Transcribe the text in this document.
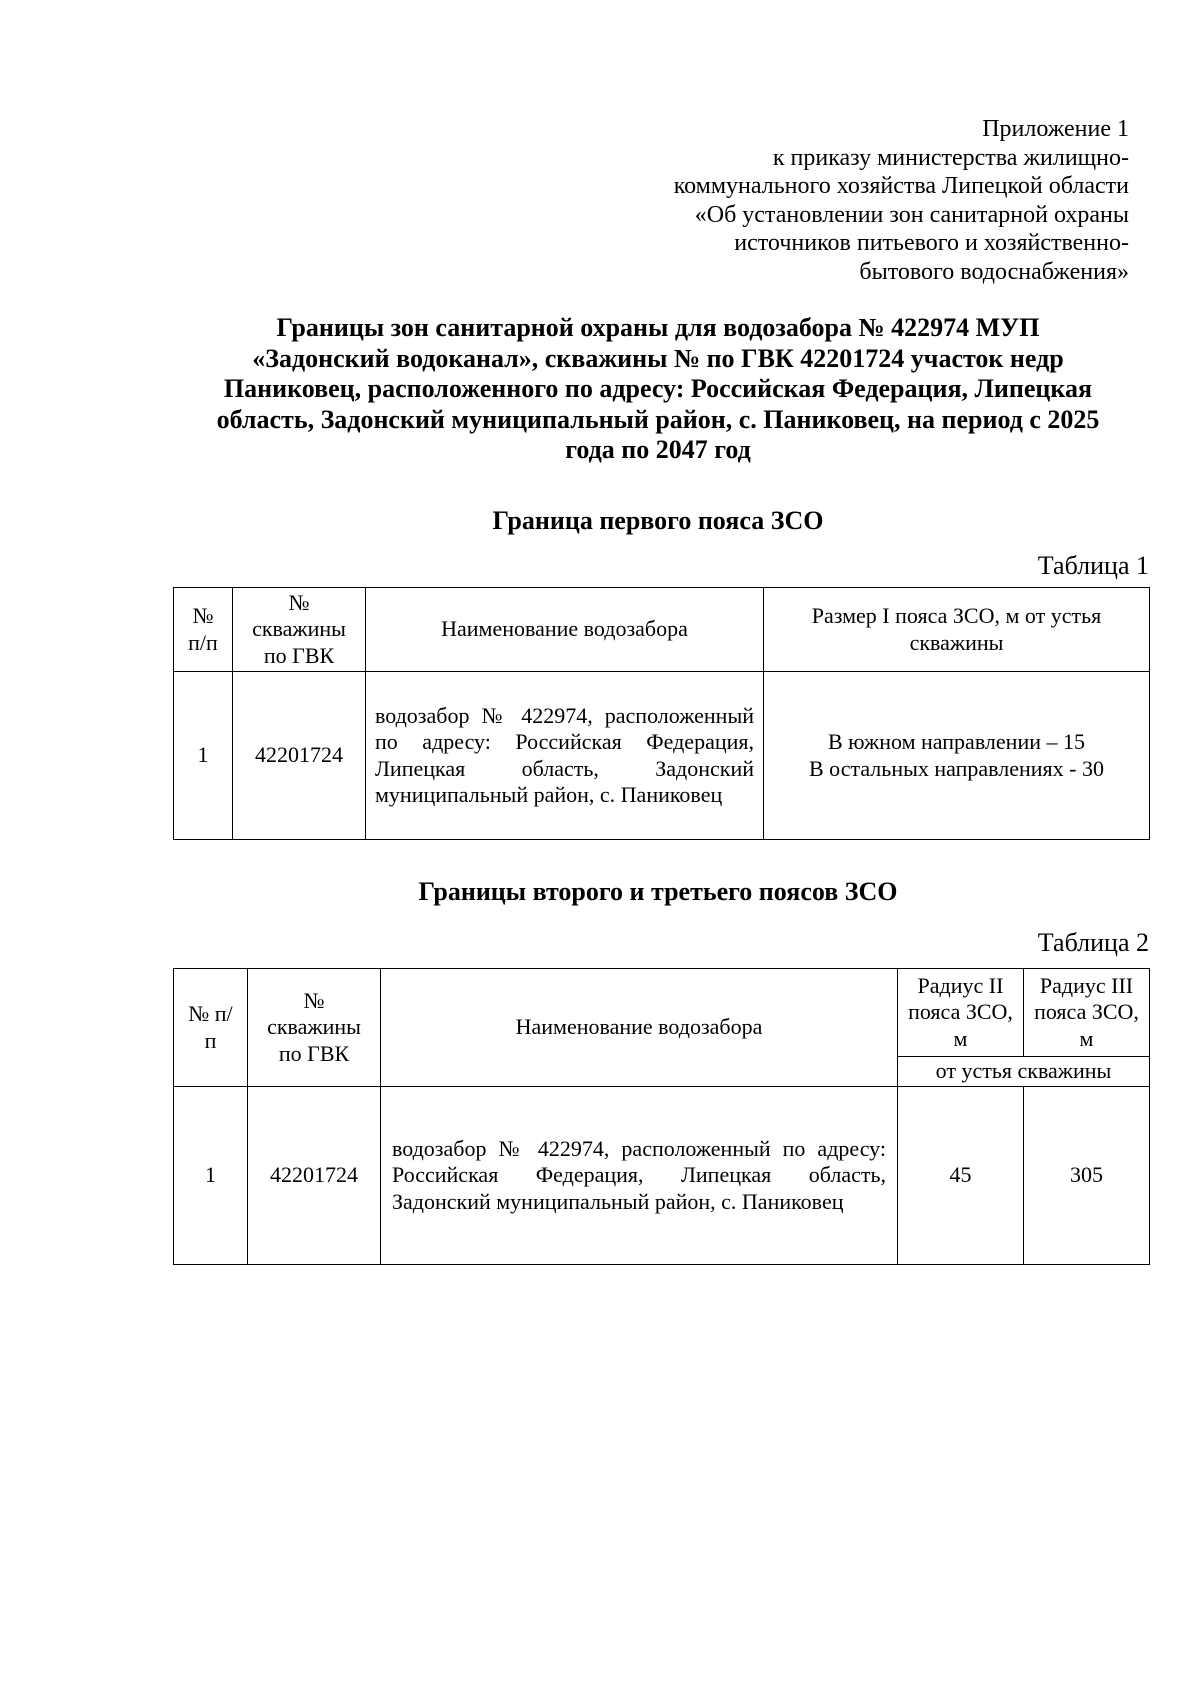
Приложение 1
к приказу министерства жилищно-
коммунального хозяйства Липецкой области
«Об установлении зон санитарной охраны
источников питьевого и хозяйственно-
бытового водоснабжения»
Границы зон санитарной охраны для водозабора № 422974 МУП
«Задонский водоканал», скважины № по ГВК 42201724 участок недр
Паниковец, расположенного по адресу: Российская Федерация, Липецкая
область, Задонский муниципальный район, с. Паниковец, на период с 2025
года по 2047 год
Граница первого пояса ЗСО
Таблица 1
№ п/п	№ скважины по ГВК	Наименование водозабора	Размер I пояса ЗСО, м от устья скважины
1	42201724	водозабор № 422974, расположенный по адресу: Российская Федерация, Липецкая область, Задонский муниципальный район, с. Паниковец	В южном направлении – 15
В остальных направлениях - 30
Границы второго и третьего поясов ЗСО
Таблица 2
№ п/п	№ скважины по ГВК	Наименование водозабора	Радиус II пояса ЗСО, м	Радиус III пояса ЗСО, м
			от устья скважины	
1	42201724	водозабор № 422974, расположенный по адресу: Российская Федерация, Липецкая область, Задонский муниципальный район, с. Паниковец	45	305
